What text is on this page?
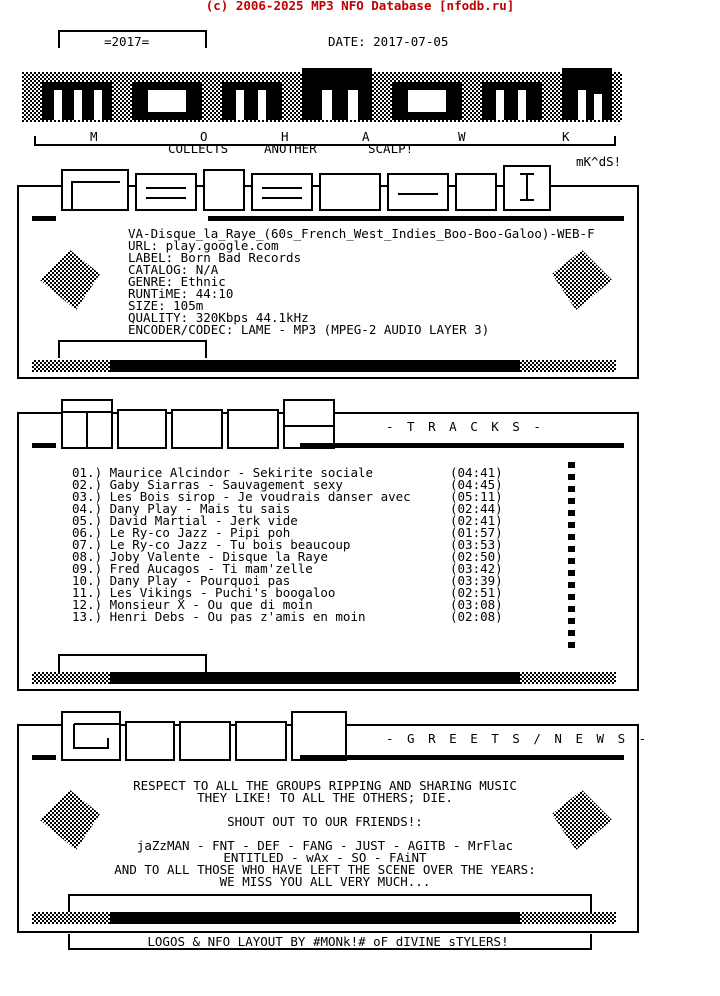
(c) 2006-2025 MP3 NFO Database [nfodb.ru]
=2017=	DATE: 2017-07-05
M	O	H	A	W	K
COLLECTS	ANOTHER	SCALP!
mK^dS!
VA-Disque_la_Raye_(60s_French_West_Indies_Boo-Boo-Galoo)-WEB-F
URL: play.google.com
LABEL: Born Bad Records
CATALOG: N/A
GENRE: Ethnic
RUNTiME: 44:10
SIZE: 105m
QUALITY: 320Kbps 44.1kHz
ENCODER/CODEC: LAME - MP3 (MPEG-2 AUDIO LAYER 3)
- T R A C K S -
01.) Maurice Alcindor - Sekirite sociale	(04:41)
02.) Gaby Siarras - Sauvagement sexy	(04:45)
03.) Les Bois sirop - Je voudrais danser avec	(05:11)
04.) Dany Play - Mais tu sais	(02:44)
05.) David Martial - Jerk vide	(02:41)
06.) Le Ry-co Jazz - Pipi poh	(01:57)
07.) Le Ry-co Jazz - Tu bois beaucoup	(03:53)
08.) Joby Valente - Disque la Raye	(02:50)
09.) Fred Aucagos - Ti mam'zelle	(03:42)
10.) Dany Play - Pourquoi pas	(03:39)
11.) Les Vikings - Puchi's boogaloo	(02:51)
12.) Monsieur X - Ou que di moin	(03:08)
13.) Henri Debs - Ou pas z'amis en moin	(02:08)
- G R E E T S / N E W S -
RESPECT TO ALL THE GROUPS RIPPING AND SHARING MUSIC
THEY LIKE! TO ALL THE OTHERS; DIE.
SHOUT OUT TO OUR FRIENDS!:
jaZzMAN - FNT - DEF - FANG - JUST - AGITB - MrFlac
ENTITLED - wAx - SO - FAiNT
AND TO ALL THOSE WHO HAVE LEFT THE SCENE OVER THE YEARS:
WE MISS YOU ALL VERY MUCH...
LOGOS & NFO LAYOUT BY #MONk!# oF dIVINE sTYLERS!
